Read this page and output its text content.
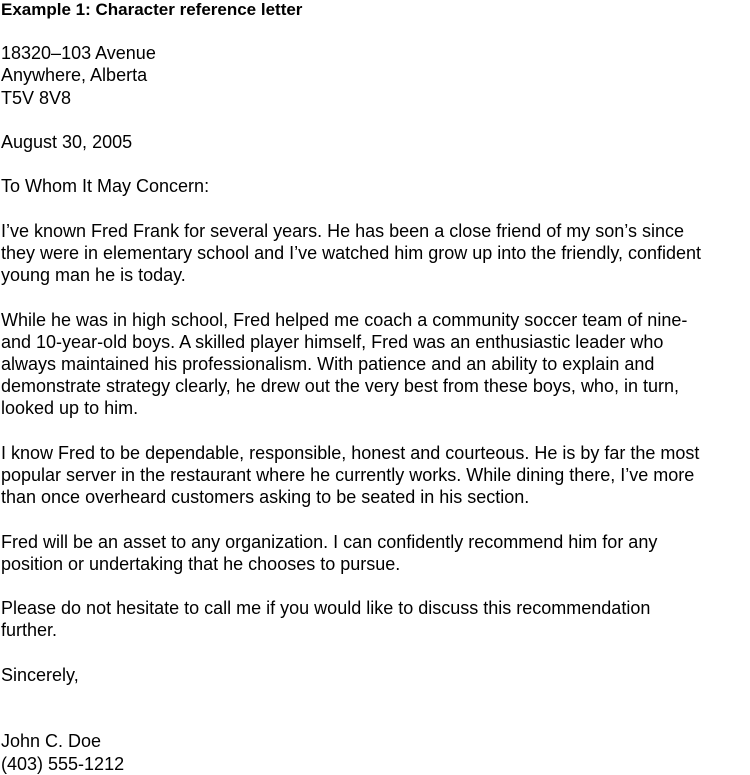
Example 1: Character reference letter

18320–103 Avenue
Anywhere, Alberta
T5V 8V8
August 30, 2005
To Whom It May Concern:
I’ve known Fred Frank for several years. He has been a close friend of my son’s since
they were in elementary school and I’ve watched him grow up into the friendly, confident
young man he is today.
While he was in high school, Fred helped me coach a community soccer team of nine-
and 10-year-old boys. A skilled player himself, Fred was an enthusiastic leader who
always maintained his professionalism. With patience and an ability to explain and
demonstrate strategy clearly, he drew out the very best from these boys, who, in turn,
looked up to him.
I know Fred to be dependable, responsible, honest and courteous. He is by far the most
popular server in the restaurant where he currently works. While dining there, I’ve more
than once overheard customers asking to be seated in his section.
Fred will be an asset to any organization. I can confidently recommend him for any
position or undertaking that he chooses to pursue.
Please do not hesitate to call me if you would like to discuss this recommendation
further.
Sincerely,
John C. Doe
(403) 555-1212
